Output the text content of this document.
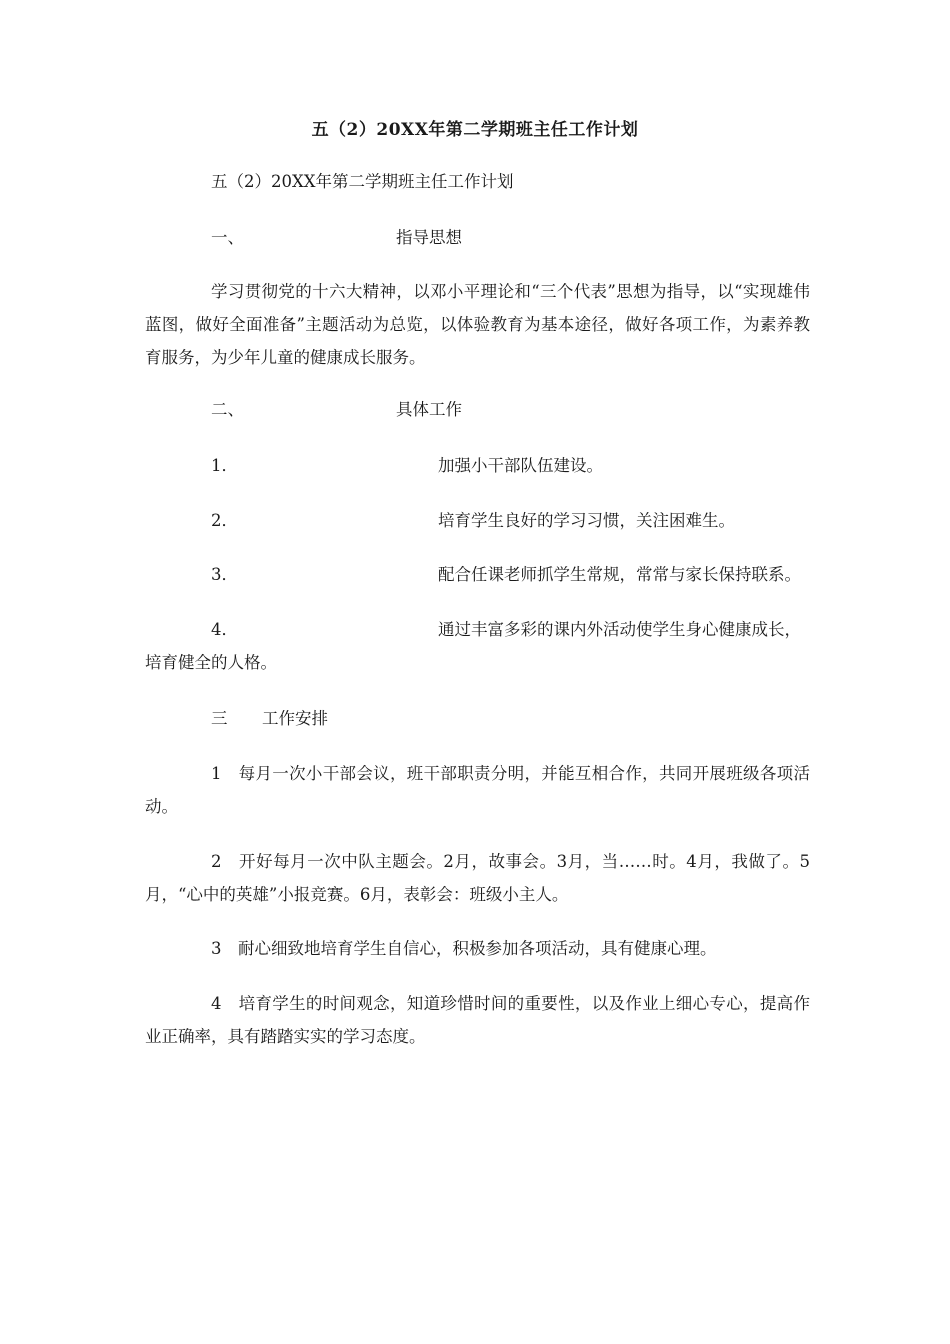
五（2）20XX年第二学期班主任工作计划
五（2）20XX年第二学期班主任工作计划
一、	指导思想
学习贯彻党的十六大精神，以邓小平理论和“三个代表”思想为指导，以“实现雄伟蓝图，做好全面准备”主题活动为总览，以体验教育为基本途径，做好各项工作，为素养教育服务，为少年儿童的健康成长服务。
二、	具体工作
1．	加强小干部队伍建设。
2．	培育学生良好的学习习惯，关注困难生。
3．	配合任课老师抓学生常规，常常与家长保持联系。
4．	通过丰富多彩的课内外活动使学生身心健康成长，
培育健全的人格。
三 工作安排
1　每月一次小干部会议，班干部职责分明，并能互相合作，共同开展班级各项活动。
2　开好每月一次中队主题会。2月，故事会。3月，当……时。4月，我做了。5月，“心中的英雄”小报竞赛。6月，表彰会：班级小主人。
3　耐心细致地培育学生自信心，积极参加各项活动，具有健康心理。
4　培育学生的时间观念，知道珍惜时间的重要性，以及作业上细心专心，提高作业正确率，具有踏踏实实的学习态度。
